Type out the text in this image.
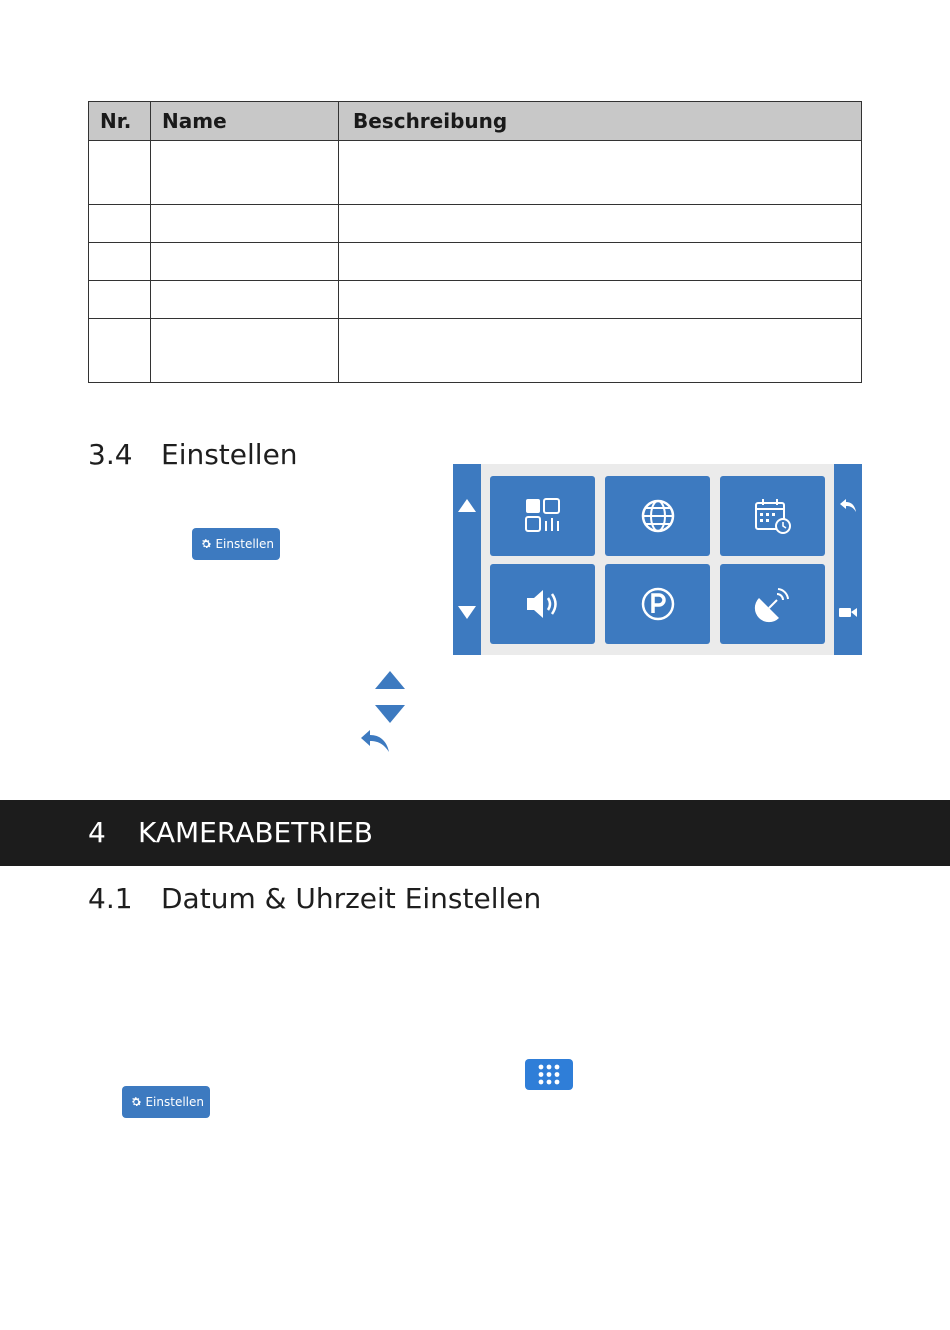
Nr.	Name	Beschreibung

3.4 Einstellen
Einstellen
4 KAMERABETRIEB
4.1 Datum & Uhrzeit Einstellen
Einstellen
